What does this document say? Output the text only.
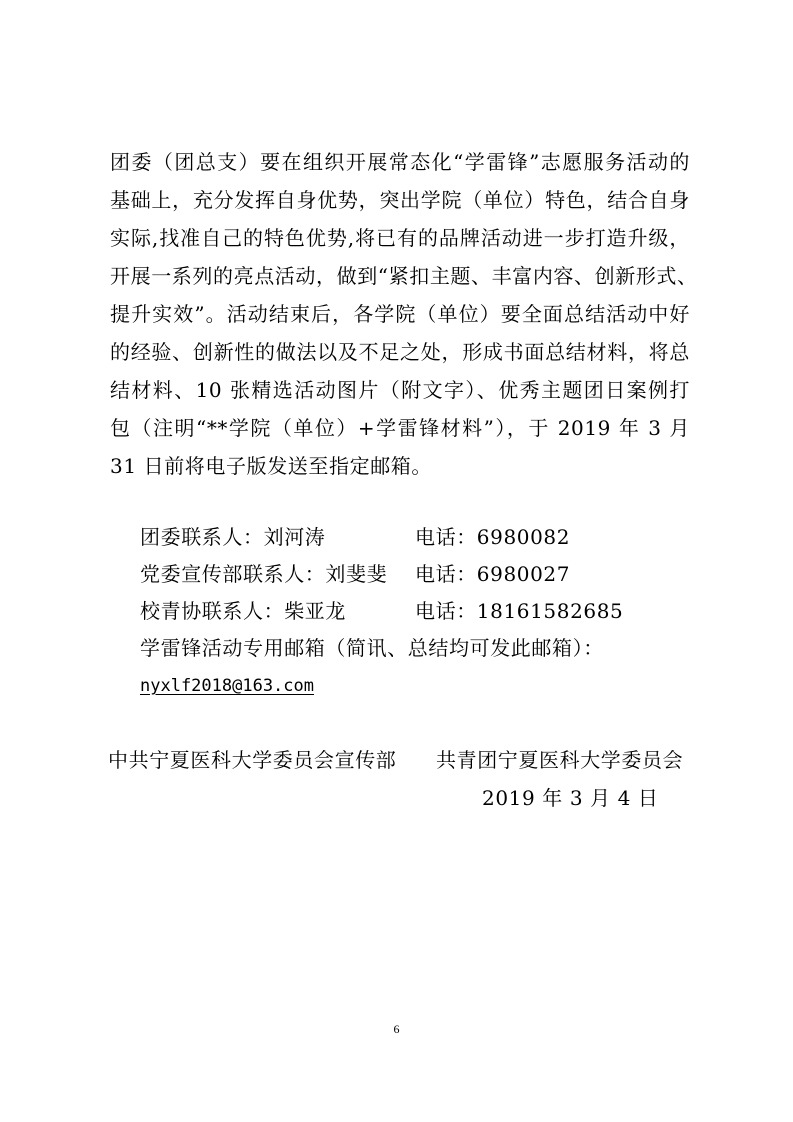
团委（团总支）要在组织开展常态化“学雷锋”志愿服务活动的
基础上，充分发挥自身优势，突出学院（单位）特色，结合自身
实际,找准自己的特色优势,将已有的品牌活动进一步打造升级，
开展一系列的亮点活动，做到“紧扣主题、丰富内容、创新形式、
提升实效”。活动结束后，各学院（单位）要全面总结活动中好
的经验、创新性的做法以及不足之处，形成书面总结材料，将总
结材料、10 张精选活动图片（附文字）、优秀主题团日案例打
包（注明“**学院（单位）+学雷锋材料”），于 2019 年 3 月
31 日前将电子版发送至指定邮箱。
团委联系人：刘河涛	电话：6980082
党委宣传部联系人：刘斐斐 电话：6980027
校青协联系人：柴亚龙	电话：18161582685
学雷锋活动专用邮箱（简讯、总结均可发此邮箱）：
nyxlf2018@163.com
中共宁夏医科大学委员会宣传部 共青团宁夏医科大学委员会
2019 年 3 月 4 日
6
